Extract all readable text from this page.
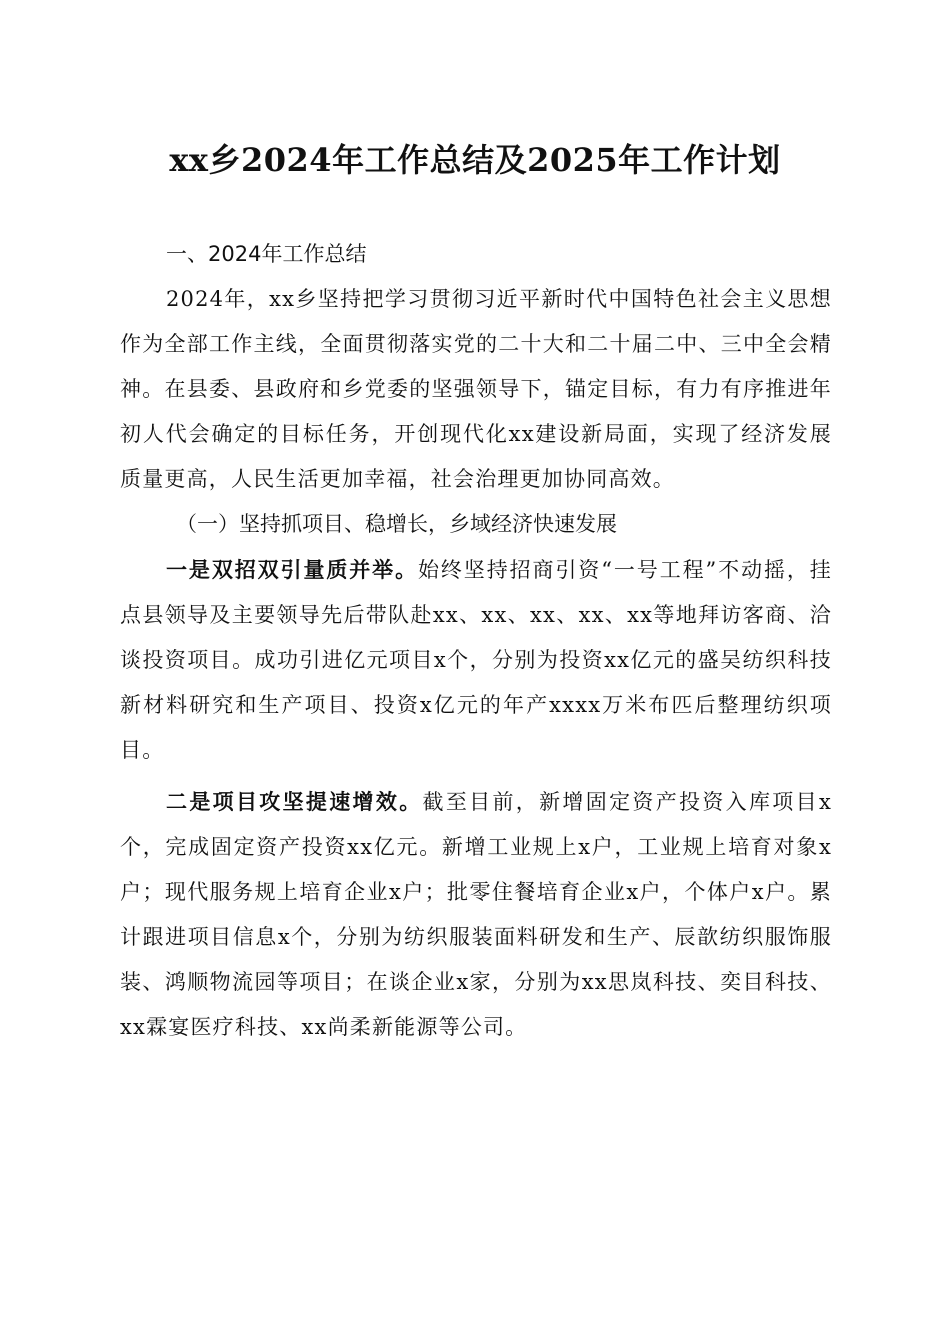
xx乡2024年工作总结及2025年工作计划

一、2024年工作总结

2024年，xx乡坚持把学习贯彻习近平新时代中国特色社会主义思想作为全部工作主线，全面贯彻落实党的二十大和二十届二中、三中全会精神。在县委、县政府和乡党委的坚强领导下，锚定目标，有力有序推进年初人代会确定的目标任务，开创现代化xx建设新局面，实现了经济发展质量更高，人民生活更加幸福，社会治理更加协同高效。

（一）坚持抓项目、稳增长，乡域经济快速发展

一是双招双引量质并举。始终坚持招商引资“一号工程”不动摇，挂点县领导及主要领导先后带队赴xx、xx、xx、xx、xx等地拜访客商、洽谈投资项目。成功引进亿元项目x个，分别为投资xx亿元的盛吴纺织科技新材料研究和生产项目、投资x亿元的年产xxxx万米布匹后整理纺织项目。

二是项目攻坚提速增效。截至目前，新增固定资产投资入库项目x个，完成固定资产投资xx亿元。新增工业规上x户，工业规上培育对象x户；现代服务规上培育企业x户；批零住餐培育企业x户，个体户x户。累计跟进项目信息x个，分别为纺织服装面料研发和生产、辰歆纺织服饰服装、鸿顺物流园等项目；在谈企业x家，分别为xx思岚科技、奕目科技、xx霖宴医疗科技、xx尚柔新能源等公司。
